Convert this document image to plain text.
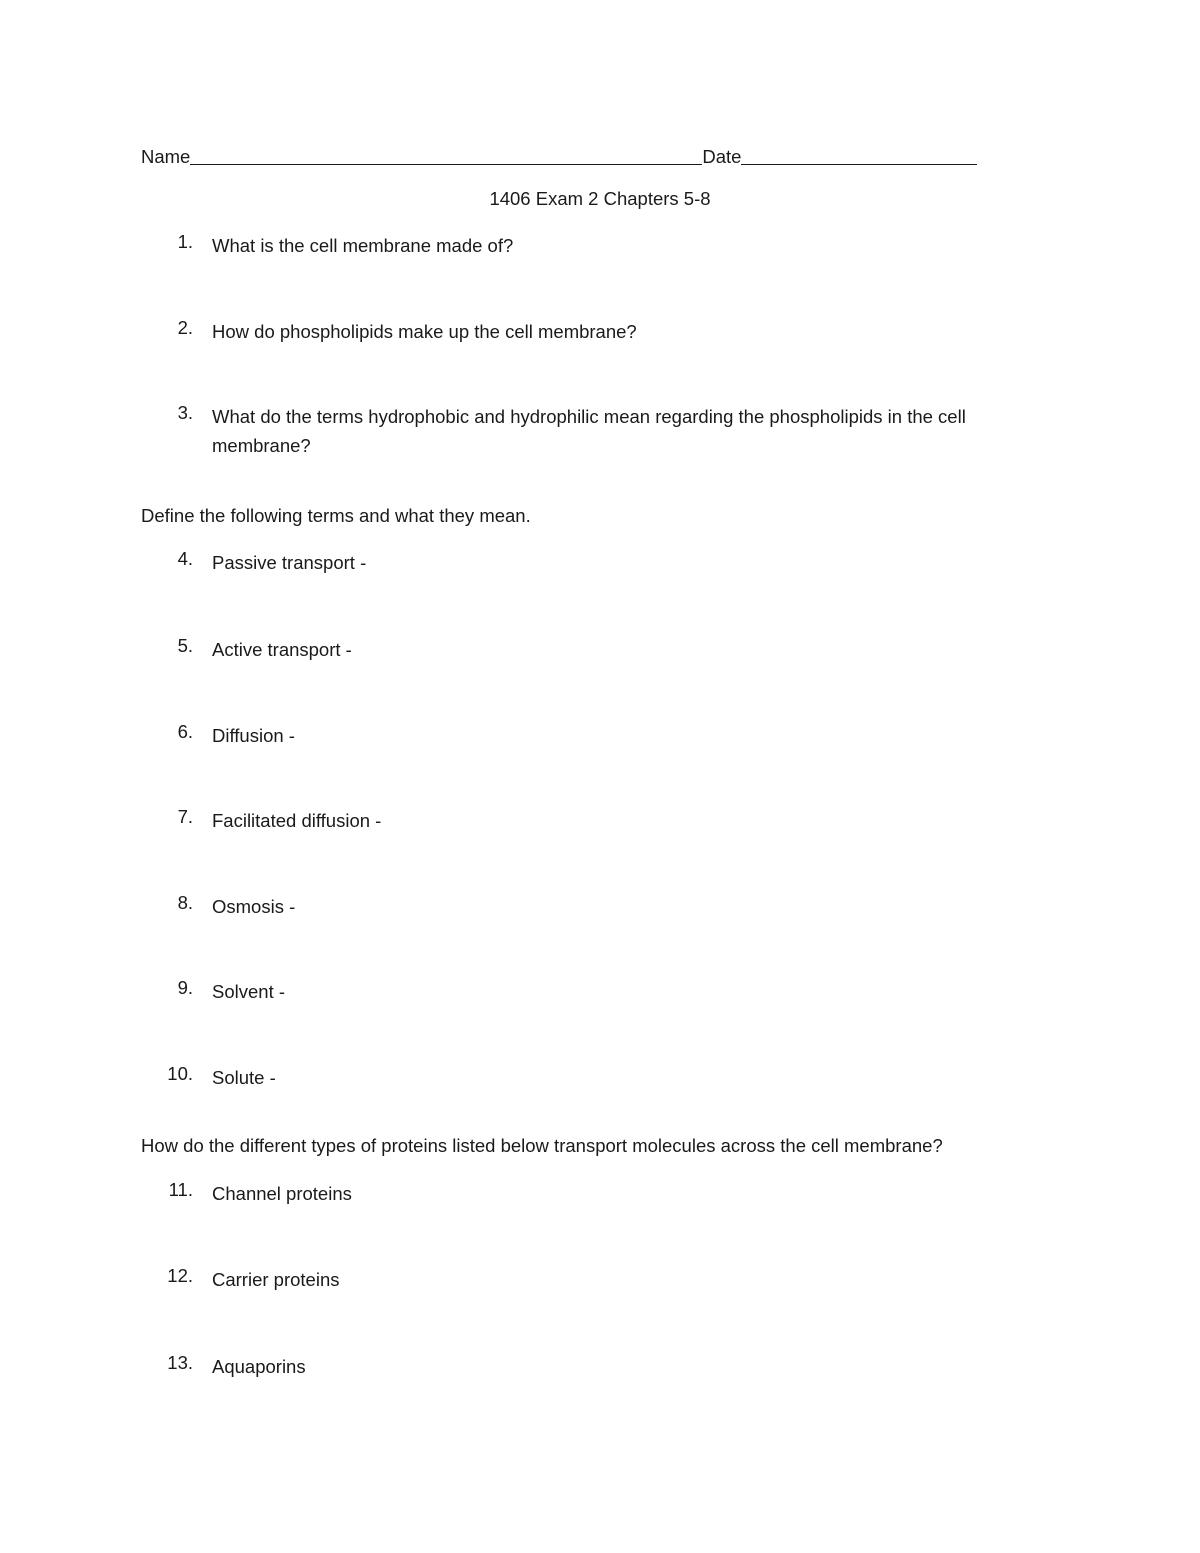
Name	Date
1406 Exam 2 Chapters 5-8
1. What is the cell membrane made of?
2. How do phospholipids make up the cell membrane?
3. What do the terms hydrophobic and hydrophilic mean regarding the phospholipids in the cell membrane?
Define the following terms and what they mean.
4. Passive transport -
5. Active transport -
6. Diffusion -
7. Facilitated diffusion -
8. Osmosis -
9. Solvent -
10. Solute -
How do the different types of proteins listed below transport molecules across the cell membrane?
11. Channel proteins
12. Carrier proteins
13. Aquaporins
